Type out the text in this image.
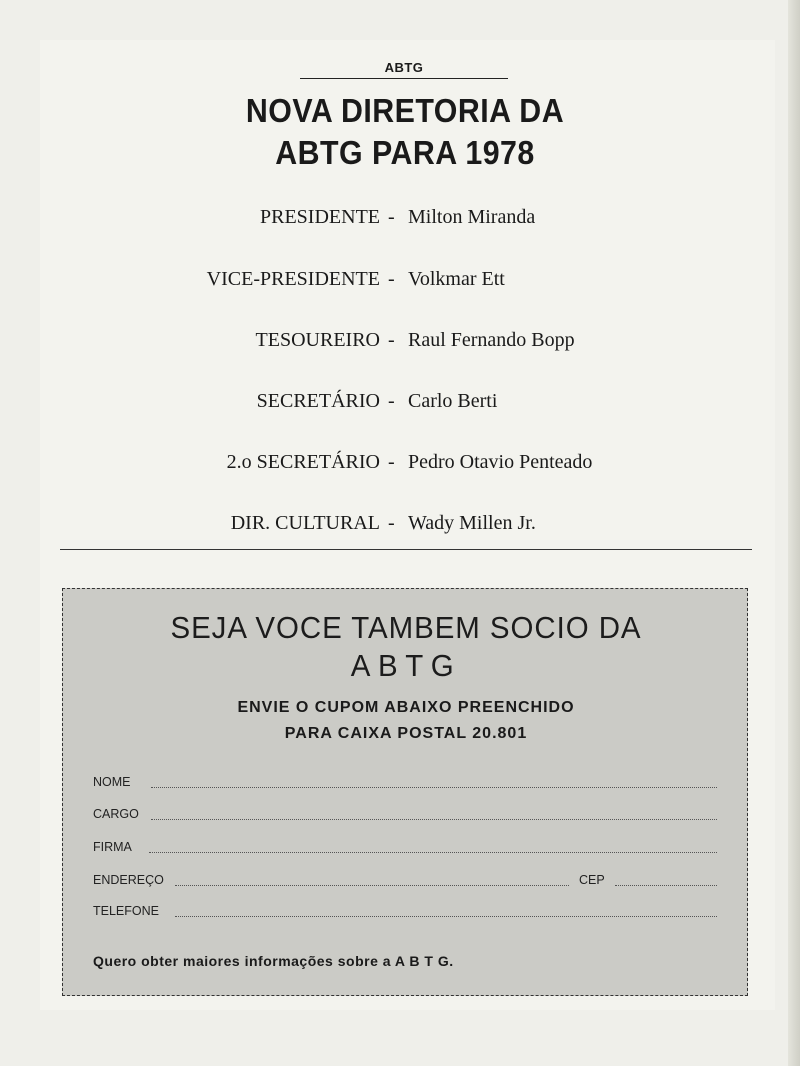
ABTG
NOVA DIRETORIA DA
ABTG PARA 1978
PRESIDENTE - Milton Miranda
VICE-PRESIDENTE - Volkmar Ett
TESOUREIRO - Raul Fernando Bopp
SECRETÁRIO - Carlo Berti
2.o SECRETÁRIO - Pedro Otavio Penteado
DIR. CULTURAL - Wady Millen Jr.
SEJA VOCE TAMBEM SOCIO DA
ABTG
ENVIE O CUPOM ABAIXO PREENCHIDO
PARA CAIXA POSTAL 20.801
NOME
CARGO
FIRMA
ENDEREÇO	CEP
TELEFONE
Quero obter maiores informações sobre a A B T G.
